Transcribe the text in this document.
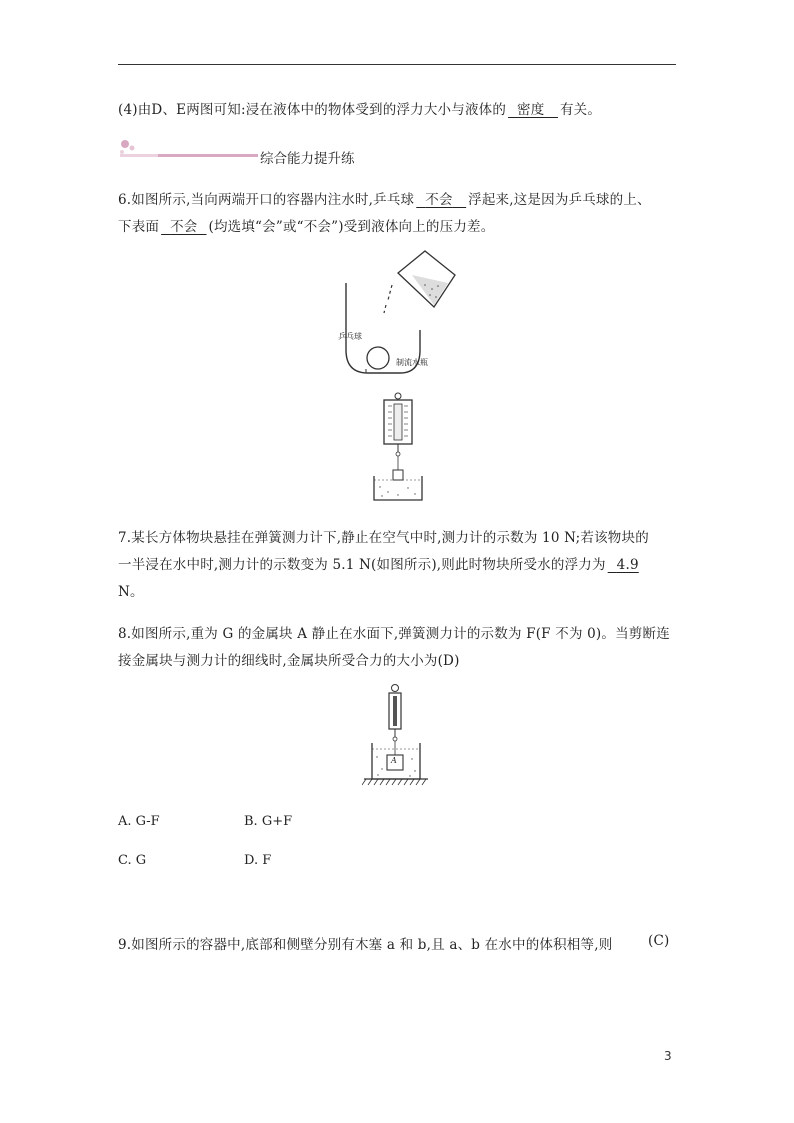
(4)由D、E两图可知:浸在液体中的物体受到的浮力大小与液体的 密度 有关。
综合能力提升练
6.如图所示,当向两端开口的容器内注水时,乒乓球 不会 浮起来,这是因为乒乓球的上、
下表面 不会 (均选填“会”或“不会”)受到液体向上的压力差。
乒乓球
制流水瓶
7.某长方体物块悬挂在弹簧测力计下,静止在空气中时,测力计的示数为 10 N;若该物块的
一半浸在水中时,测力计的示数变为 5.1 N(如图所示),则此时物块所受水的浮力为 4.9
N。
8.如图所示,重为 G 的金属块 A 静止在水面下,弹簧测力计的示数为 F(F 不为 0)。当剪断连
接金属块与测力计的细线时,金属块所受合力的大小为(D)
A
A. G-F	B. G+F
C. G	D. F
9.如图所示的容器中,底部和侧壁分别有木塞 a 和 b,且 a、b 在水中的体积相等,则	(C)
3
